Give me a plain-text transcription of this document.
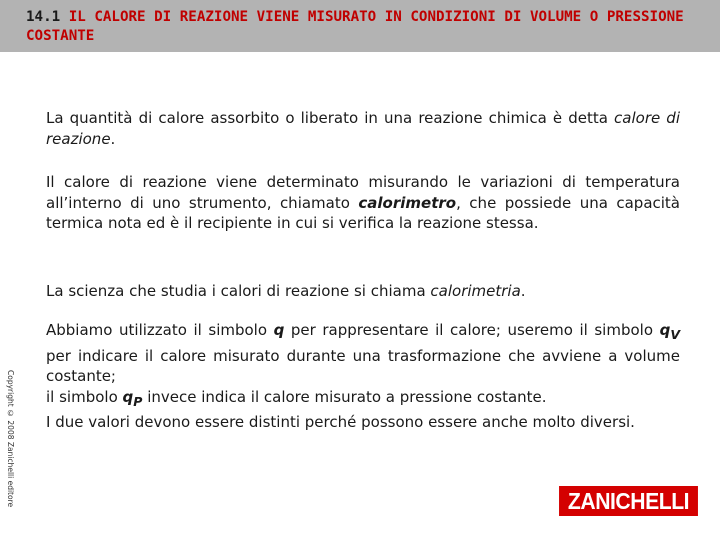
14.1 IL CALORE DI REAZIONE VIENE MISURATO IN CONDIZIONI DI VOLUME O PRESSIONE COSTANTE

La quantità di calore assorbito o liberato in una reazione chimica è detta calore di reazione.

Il calore di reazione viene determinato misurando le variazioni di temperatura all’interno di uno strumento, chiamato calorimetro, che possiede una capacità termica nota ed è il recipiente in cui si verifica la reazione stessa.

La scienza che studia i calori di reazione si chiama calorimetria.

Abbiamo utilizzato il simbolo q per rappresentare il calore; useremo il simbolo $q_V$ per indicare il calore misurato durante una trasformazione che avviene a volume costante;
il simbolo $q_P$ invece indica il calore misurato a pressione costante.
I due valori devono essere distinti perché possono essere anche molto diversi.

Copyright © 2008 Zanichelli editore	ZANICHELLI
